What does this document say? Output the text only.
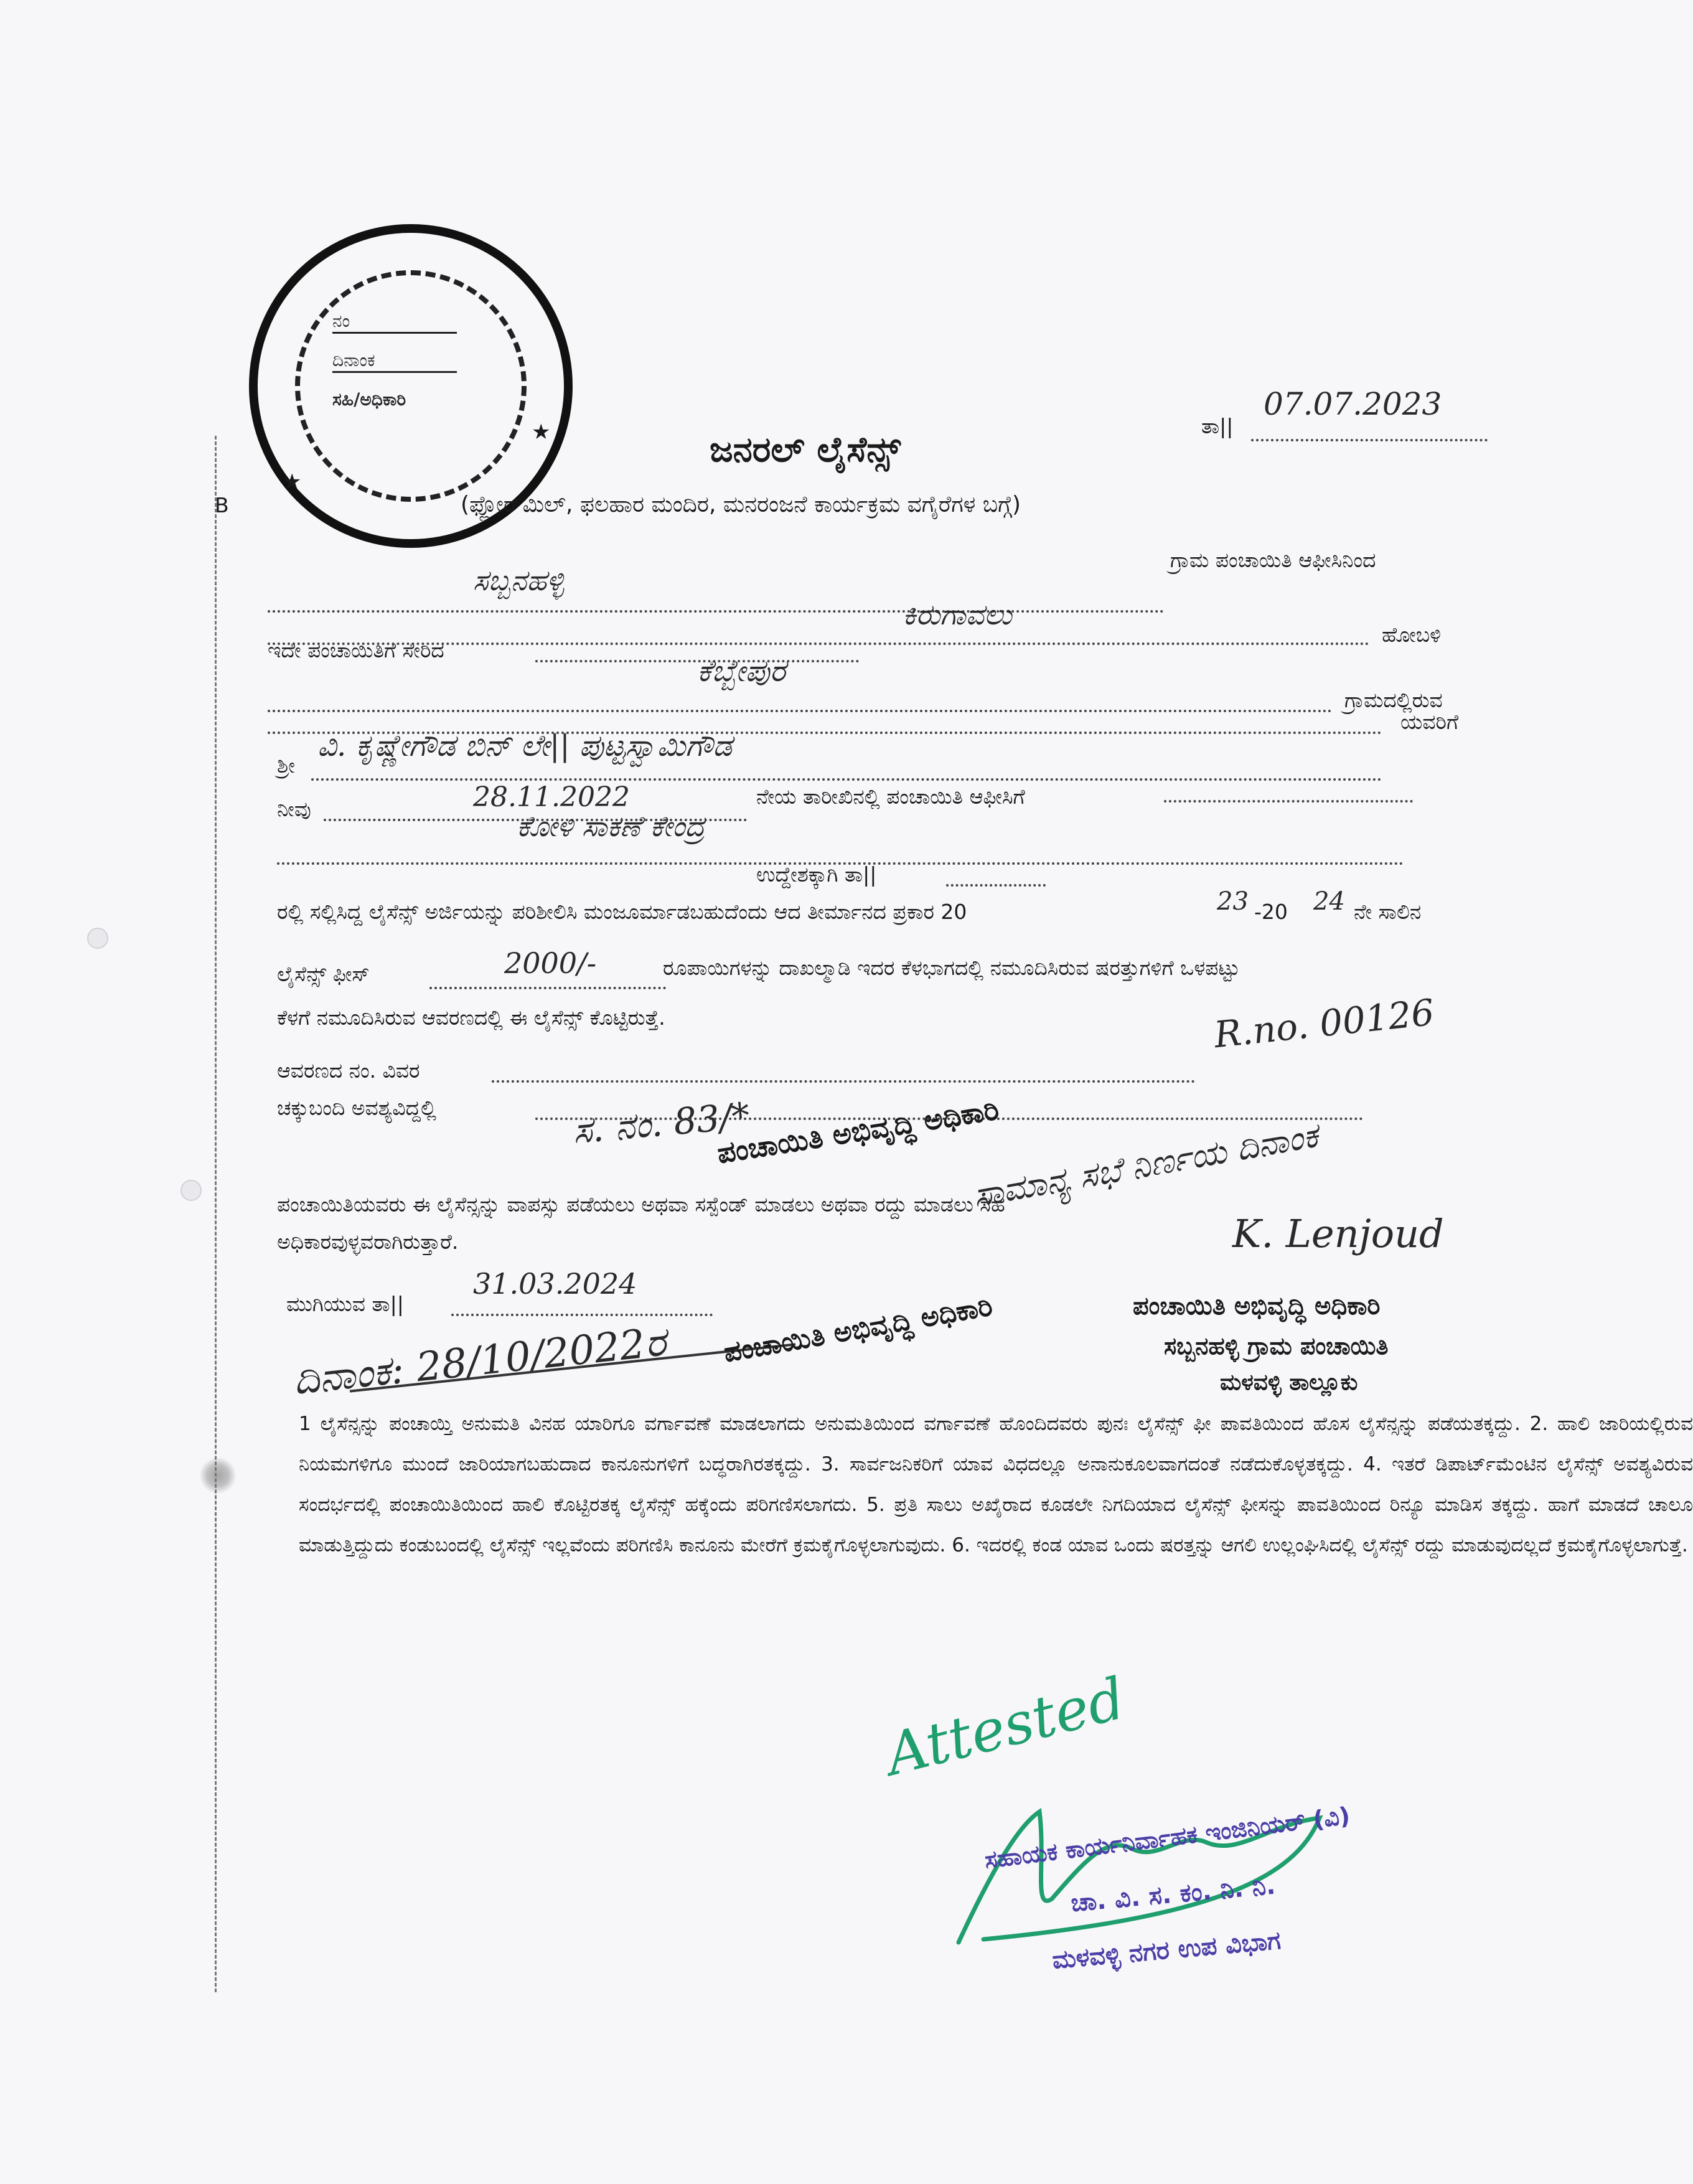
ನಂ
ದಿನಾಂಕ
ಸಹಿ/ಅಧಿಕಾರಿ
★
★	ತಾ||
07.07.2023
ಜನರಲ್ ಲೈಸೆನ್ಸ್
B	(ಫ್ಲೋರ್‌ಮಿಲ್, ಫಲಹಾರ ಮಂದಿರ, ಮನರಂಜನೆ ಕಾರ್ಯಕ್ರಮ ವಗೈರೆಗಳ ಬಗ್ಗೆ)
ಸಬ್ಬನಹಳ್ಳಿ
ಗ್ರಾಮ ಪಂಚಾಯಿತಿ ಆಫೀಸಿನಿಂದ
ಕಿರುಗಾವಲು
ಹೋಬಳಿ
ಇದೇ ಪಂಚಾಯಿತಿಗೆ ಸೇರಿದ
ಕೆಬ್ಬೇಪುರ
ಗ್ರಾಮದಲ್ಲಿರುವ
ಶ್ರೀ
ವಿ. ಕೃಷ್ಣೇಗೌಡ ಬಿನ್ ಲೇ|| ಪುಟ್ಟಸ್ವಾಮಿಗೌಡ
ಯವರಿಗೆ
ನೀವು	28.11.2022	ನೇಯ ತಾರೀಖಿನಲ್ಲಿ ಪಂಚಾಯಿತಿ ಆಫೀಸಿಗೆ
ಕೋಳಿ ಸಾಕಣೆ ಕೇಂದ್ರ
ಉದ್ದೇಶಕ್ಕಾಗಿ ತಾ||
ರಲ್ಲಿ ಸಲ್ಲಿಸಿದ್ದ ಲೈಸೆನ್ಸ್ ಅರ್ಜಿಯನ್ನು ಪರಿಶೀಲಿಸಿ ಮಂಜೂರ್ಮಾಡಬಹುದೆಂದು ಆದ ತೀರ್ಮಾನದ ಪ್ರಕಾರ 20	23 -20 24 ನೇ ಸಾಲಿನ
ಲೈಸೆನ್ಸ್ ಫೀಸ್	2000/-	ರೂಪಾಯಿಗಳನ್ನು ದಾಖಲ್ಮಾಡಿ ಇದರ ಕೆಳಭಾಗದಲ್ಲಿ ನಮೂದಿಸಿರುವ ಷರತ್ತುಗಳಿಗೆ ಒಳಪಟ್ಟು
ಕೆಳಗೆ ನಮೂದಿಸಿರುವ ಆವರಣದಲ್ಲಿ ಈ ಲೈಸೆನ್ಸ್ ಕೊಟ್ಟಿರುತ್ತೆ.	R.no. 00126
ಆವರಣದ ನಂ. ವಿವರ
ಚಕ್ಕುಬಂದಿ ಅವಶ್ಯವಿದ್ದಲ್ಲಿ	ಸ. ನಂ. 83/*
ಪಂಚಾಯಿತಿ ಅಭಿವೃದ್ಧಿ ಅಧಿಕಾರಿ
ಪಂಚಾಯಿತಿಯವರು ಈ ಲೈಸೆನ್ಸನ್ನು ವಾಪಸ್ಸು ಪಡೆಯಲು ಅಥವಾ ಸಸ್ಪೆಂಡ್ ಮಾಡಲು ಅಥವಾ ರದ್ದು ಮಾಡಲು ಸಹ
ಸಾಮಾನ್ಯ ಸಭೆ ನಿರ್ಣಯ ದಿನಾಂಕ
ಅಧಿಕಾರವುಳ್ಳವರಾಗಿರುತ್ತಾರೆ.
ಮುಗಿಯುವ ತಾ||
31.03.2024
ದಿನಾಂಕ: 28/10/2022ರ
K. Lenjoud
ಪಂಚಾಯಿತಿ ಅಭಿವೃದ್ಧಿ ಅಧಿಕಾರಿ	ಪಂಚಾಯಿತಿ ಅಭಿವೃದ್ಧಿ ಅಧಿಕಾರಿ
ಸಬ್ಬನಹಳ್ಳಿ ಗ್ರಾಮ ಪಂಚಾಯಿತಿ
ಮಳವಳ್ಳಿ ತಾಲ್ಲೂಕು
1 ಲೈಸೆನ್ಸನ್ನು ಪಂಚಾಯ್ತಿ ಅನುಮತಿ ವಿನಹ ಯಾರಿಗೂ ವರ್ಗಾವಣೆ ಮಾಡಲಾಗದು ಅನುಮತಿಯಿಂದ ವರ್ಗಾವಣೆ ಹೊಂದಿದವರು ಪುನಃ ಲೈಸೆನ್ಸ್ ಫೀ ಪಾವತಿಯಿಂದ ಹೊಸ ಲೈಸೆನ್ಸನ್ನು ಪಡೆಯತಕ್ಕದ್ದು. 2. ಹಾಲಿ ಜಾರಿಯಲ್ಲಿರುವ ನಿಯಮಗಳಿಗೂ ಮುಂದೆ ಜಾರಿಯಾಗಬಹುದಾದ ಕಾನೂನುಗಳಿಗೆ ಬದ್ಧರಾಗಿರತಕ್ಕದ್ದು. 3. ಸಾರ್ವಜನಿಕರಿಗೆ ಯಾವ ವಿಧದಲ್ಲೂ ಅನಾನುಕೂಲವಾಗದಂತೆ ನಡೆದುಕೊಳ್ಳತಕ್ಕದ್ದು. 4. ಇತರೆ ಡಿಪಾರ್ಟ್‌ಮೆಂಟಿನ ಲೈಸೆನ್ಸ್ ಅವಶ್ಯವಿರುವ ಸಂದರ್ಭದಲ್ಲಿ ಪಂಚಾಯಿತಿಯಿಂದ ಹಾಲಿ ಕೊಟ್ಟಿರತಕ್ಕ ಲೈಸೆನ್ಸ್ ಹಕ್ಕೆಂದು ಪರಿಗಣಿಸಲಾಗದು. 5. ಪ್ರತಿ ಸಾಲು ಅಖೈರಾದ ಕೂಡಲೇ ನಿಗದಿಯಾದ ಲೈಸೆನ್ಸ್ ಫೀಸನ್ನು ಪಾವತಿಯಿಂದ ರಿನ್ಯೂ ಮಾಡಿಸ ತಕ್ಕದ್ದು. ಹಾಗೆ ಮಾಡದೆ ಚಾಲೂ ಮಾಡುತ್ತಿದ್ದುದು ಕಂಡುಬಂದಲ್ಲಿ ಲೈಸೆನ್ಸ್ ಇಲ್ಲವೆಂದು ಪರಿಗಣಿಸಿ ಕಾನೂನು ಮೇರೆಗೆ ಕ್ರಮಕೈಗೊಳ್ಳಲಾಗುವುದು. 6. ಇದರಲ್ಲಿ ಕಂಡ ಯಾವ ಒಂದು ಷರತ್ತನ್ನು ಆಗಲಿ ಉಲ್ಲಂಘಿಸಿದಲ್ಲಿ ಲೈಸೆನ್ಸ್ ರದ್ದು ಮಾಡುವುದಲ್ಲದೆ ಕ್ರಮಕೈಗೊಳ್ಳಲಾಗುತ್ತೆ.
Attested
ಸಹಾಯಕ ಕಾರ್ಯನಿರ್ವಾಹಕ ಇಂಜಿನಿಯರ್ (ವಿ)
ಚಾ. ವಿ. ಸ. ಕಂ. ನಿ. ನಿ.
ಮಳವಳ್ಳಿ ನಗರ ಉಪ ವಿಭಾಗ
